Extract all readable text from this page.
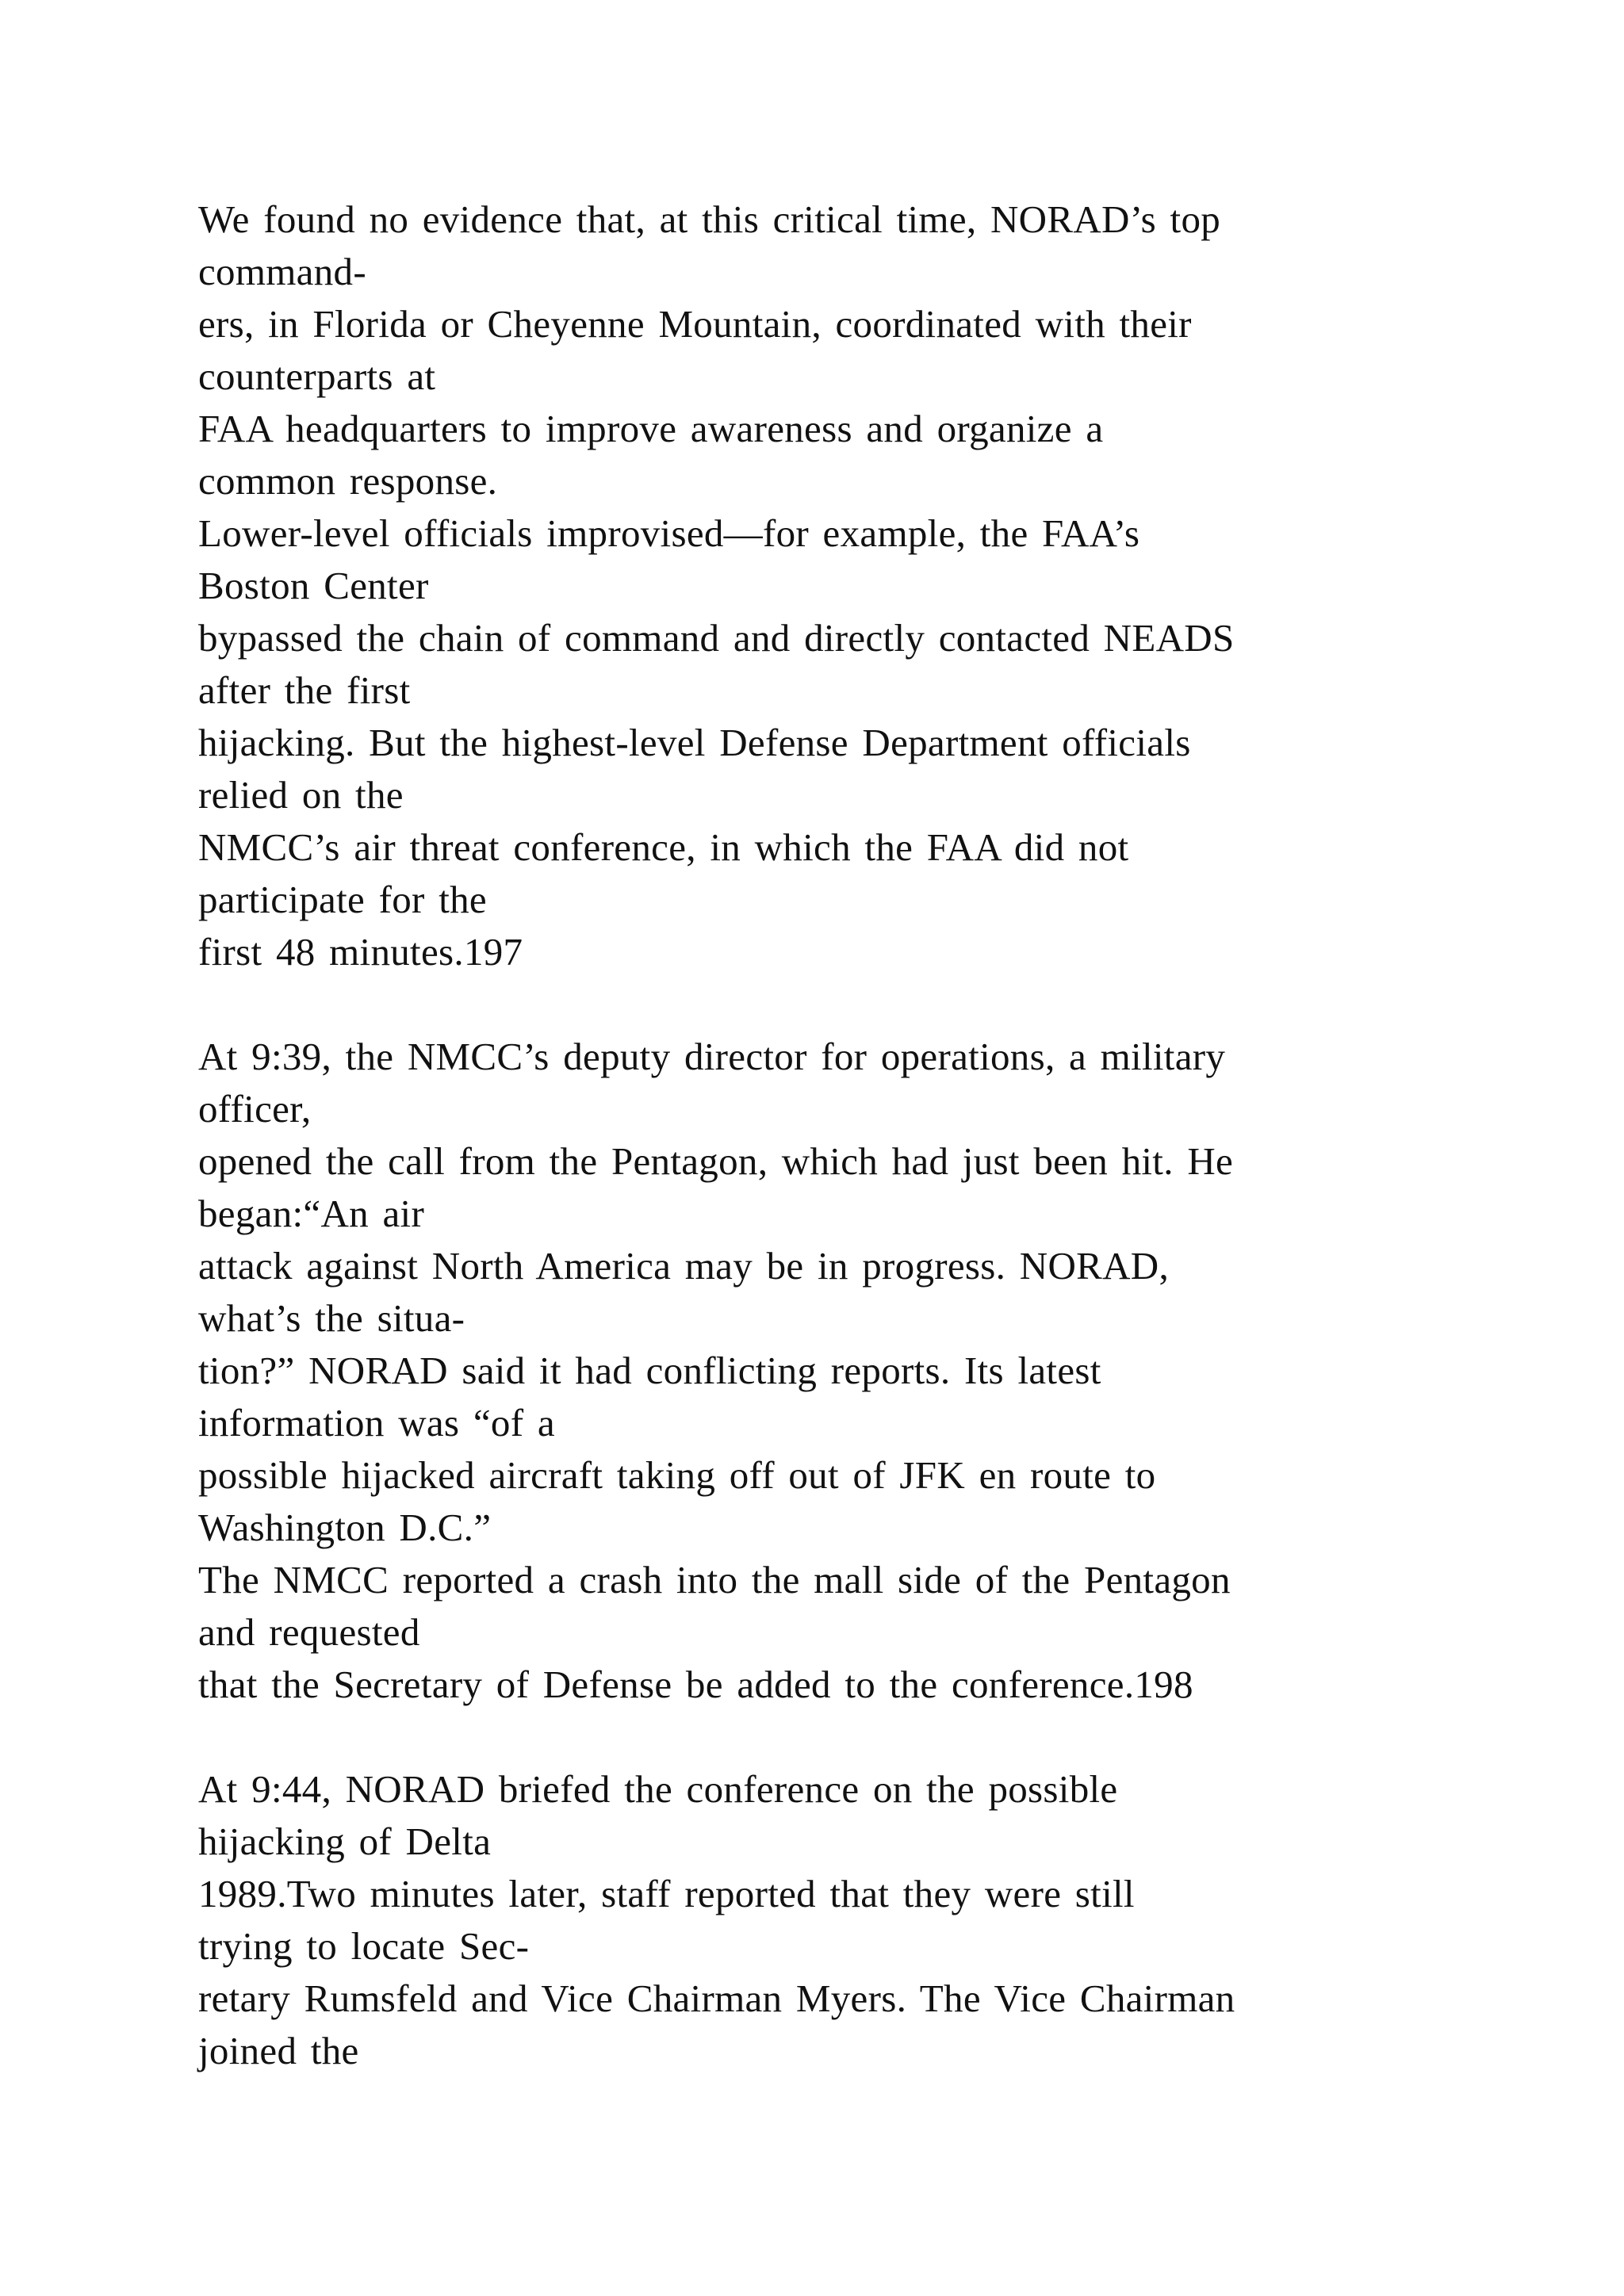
We found no evidence that, at this critical time, NORAD’s top
command-
ers, in Florida or Cheyenne Mountain, coordinated with their
counterparts at
FAA headquarters to improve awareness and organize a
common response.
Lower-level officials improvised—for example, the FAA’s
Boston Center
bypassed the chain of command and directly contacted NEADS
after the first
hijacking. But the highest-level Defense Department officials
relied on the
NMCC’s air threat conference, in which the FAA did not
participate for the
first 48 minutes.197
At 9:39, the NMCC’s deputy director for operations, a military
officer,
opened the call from the Pentagon, which had just been hit. He
began:“An air
attack against North America may be in progress. NORAD,
what’s the situa-
tion?” NORAD said it had conflicting reports. Its latest
information was “of a
possible hijacked aircraft taking off out of JFK en route to
Washington D.C.”
The NMCC reported a crash into the mall side of the Pentagon
and requested
that the Secretary of Defense be added to the conference.198
At 9:44, NORAD briefed the conference on the possible
hijacking of Delta
1989.Two minutes later, staff reported that they were still
trying to locate Sec-
retary Rumsfeld and Vice Chairman Myers. The Vice Chairman
joined the
